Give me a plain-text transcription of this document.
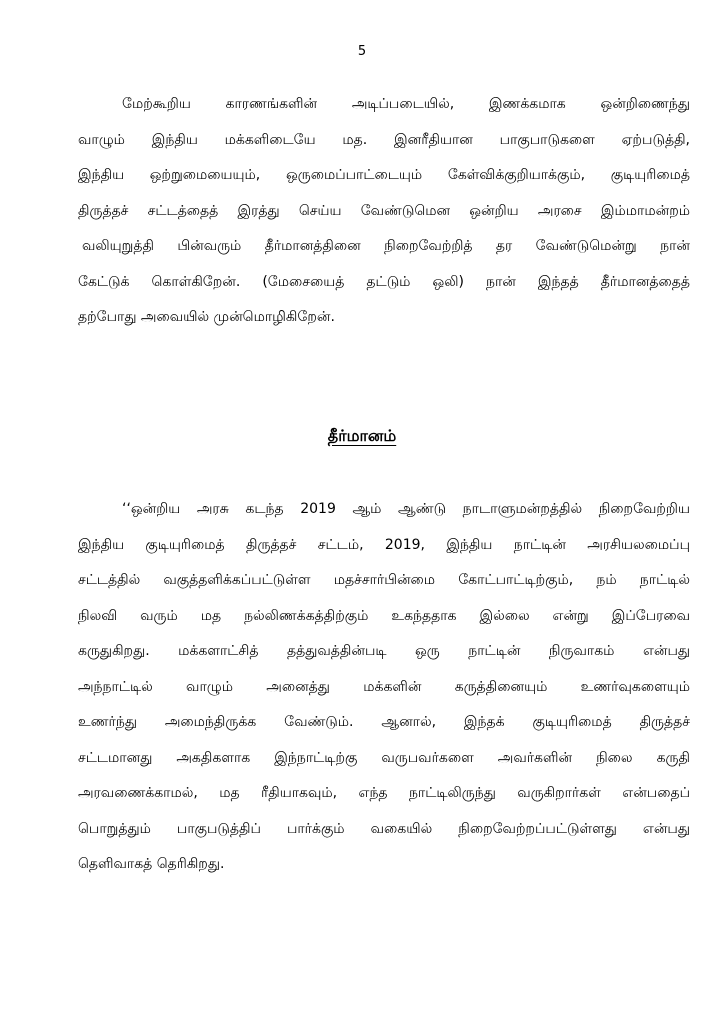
5
மேற்கூறிய காரணங்களின் அடிப்படையில், இணக்கமாக ஒன்றிணைந்து
வாழும் இந்திய மக்களிடையே மத. இனரீதியான பாகுபாடுகளை ஏற்படுத்தி,
இந்திய ஒற்றுமையையும், ஒருமைப்பாட்டையும் கேள்விக்குறியாக்கும், குடியுரிமைத்
திருத்தச் சட்டத்தைத் இரத்து செய்ய வேண்டுமென ஒன்றிய அரசை இம்மாமன்றம்
வலியுறுத்தி பின்வரும் தீர்மானத்தினை நிறைவேற்றித் தர வேண்டுமென்று நான்
கேட்டுக் கொள்கிறேன். (மேசையைத் தட்டும் ஒலி) நான் இந்தத் தீர்மானத்தைத்
தற்போது அவையில் முன்மொழிகிறேன்.
தீர்மானம்
‘‘ஒன்றிய அரசு கடந்த 2019 ஆம் ஆண்டு நாடாளுமன்றத்தில் நிறைவேற்றிய
இந்திய குடியுரிமைத் திருத்தச் சட்டம், 2019, இந்திய நாட்டின் அரசியலமைப்பு
சட்டத்தில் வகுத்தளிக்கப்பட்டுள்ள மதச்சார்பின்மை கோட்பாட்டிற்கும், நம் நாட்டில்
நிலவி வரும் மத நல்லிணக்கத்திற்கும் உகந்ததாக இல்லை என்று இப்பேரவை
கருதுகிறது. மக்களாட்சித் தத்துவத்தின்படி ஒரு நாட்டின் நிருவாகம் என்பது
அந்நாட்டில் வாழும் அனைத்து மக்களின் கருத்தினையும் உணர்வுகளையும்
உணர்ந்து அமைந்திருக்க வேண்டும். ஆனால், இந்தக் குடியுரிமைத் திருத்தச்
சட்டமானது அகதிகளாக இந்நாட்டிற்கு வருபவர்களை அவர்களின் நிலை கருதி
அரவணைக்காமல், மத ரீதியாகவும், எந்த நாட்டிலிருந்து வருகிறார்கள் என்பதைப்
பொறுத்தும் பாகுபடுத்திப் பார்க்கும் வகையில் நிறைவேற்றப்பட்டுள்ளது என்பது
தெளிவாகத் தெரிகிறது.
